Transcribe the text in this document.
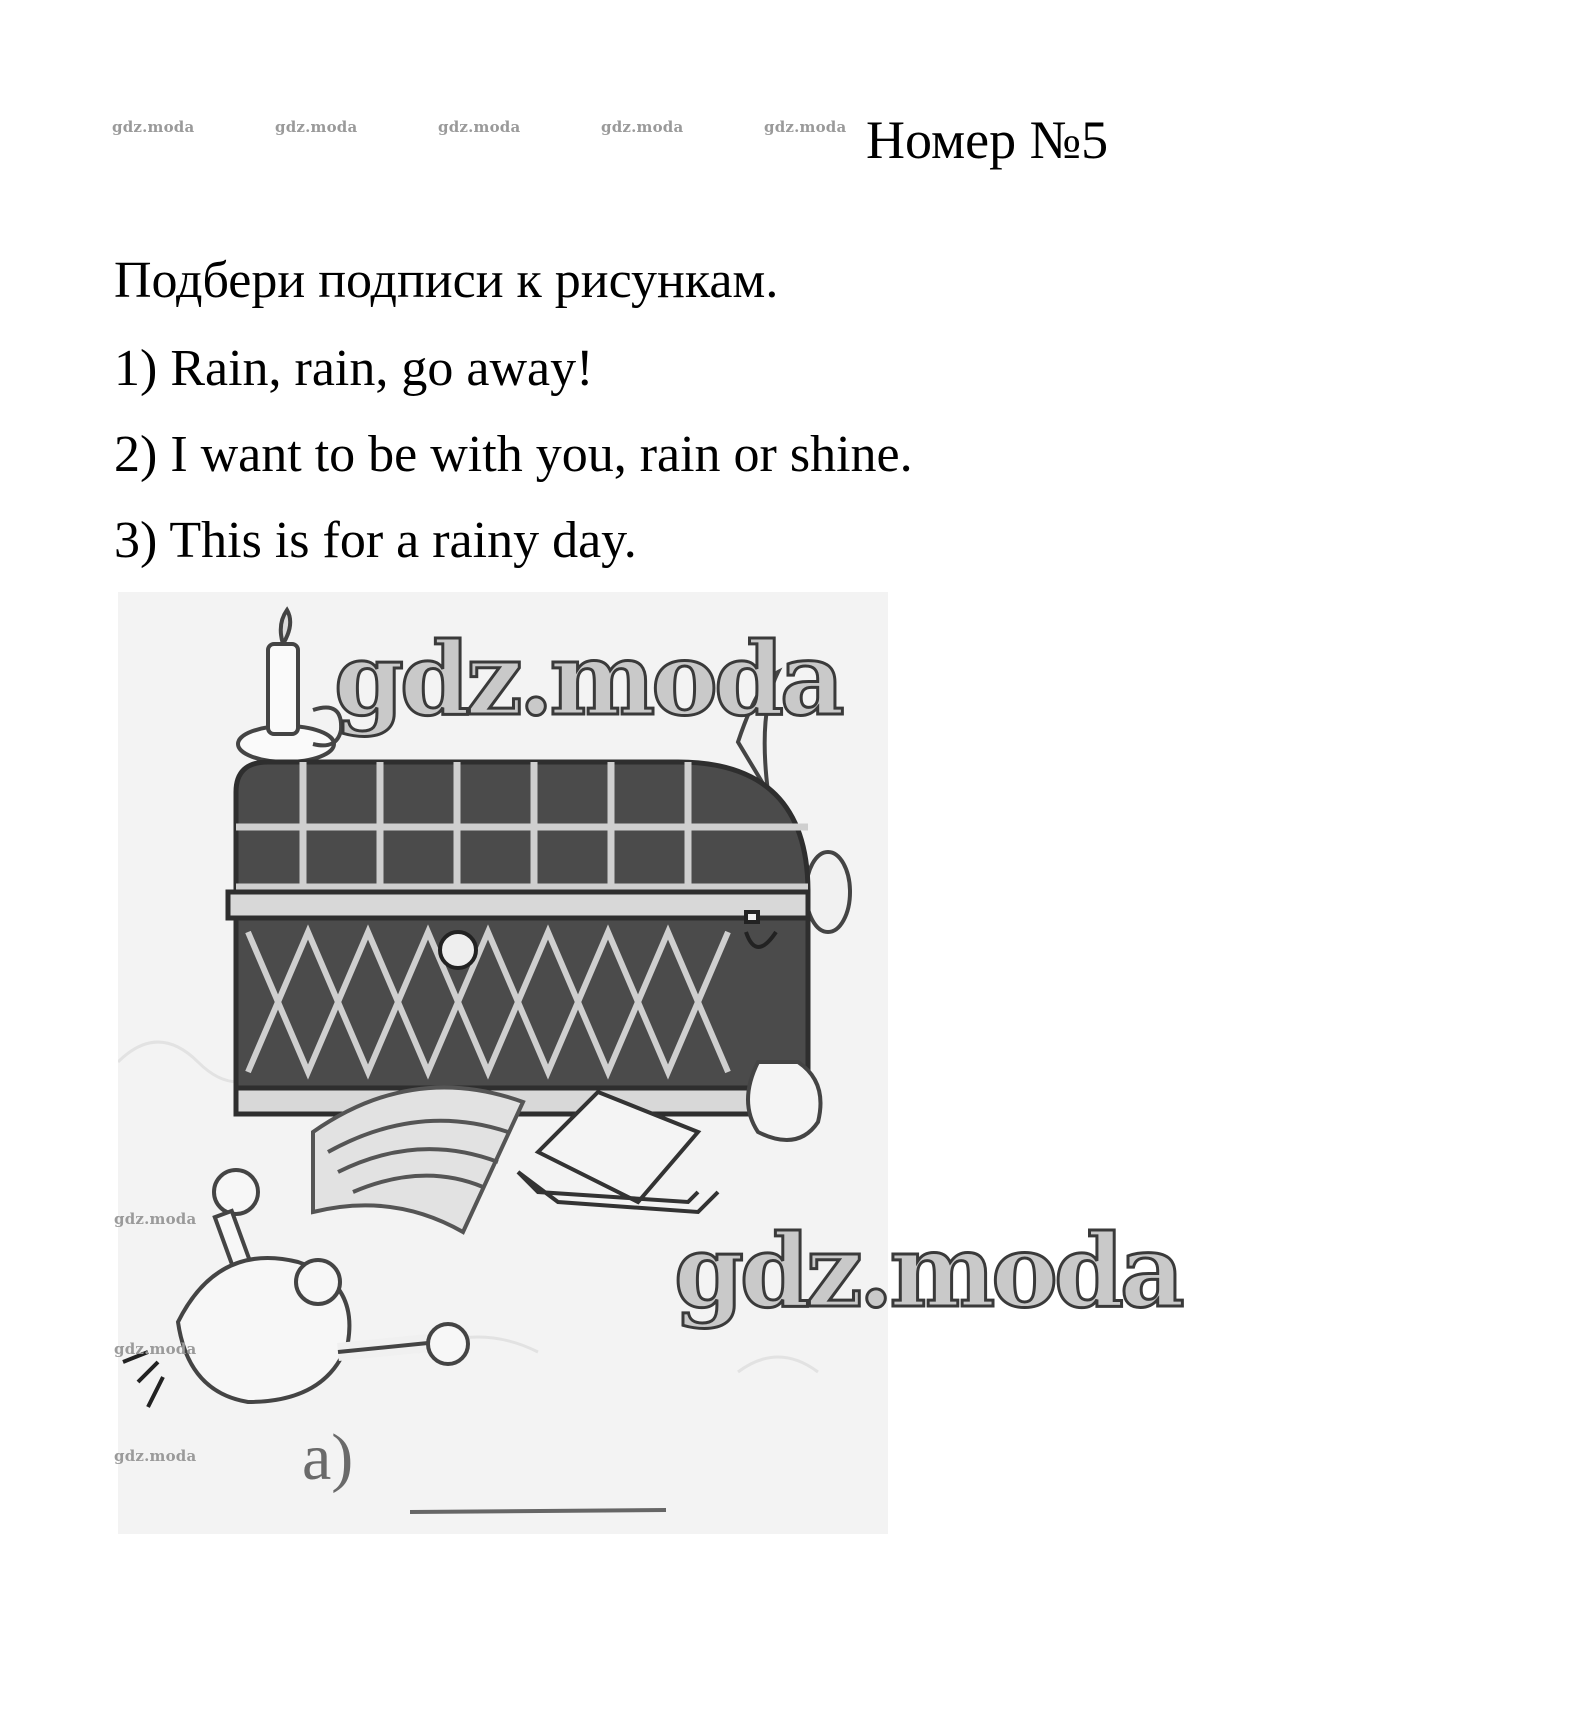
gdz.moda	gdz.moda	gdz.moda	gdz.moda	gdz.moda Номер №5
Подбери подписи к рисункам.
1) Rain, rain, go away!
2) I want to be with you, rain or shine.
3) This is for a rainy day.
a)
gdz.moda
gdz.moda
gdz.moda
gdz.moda
gdz.moda
